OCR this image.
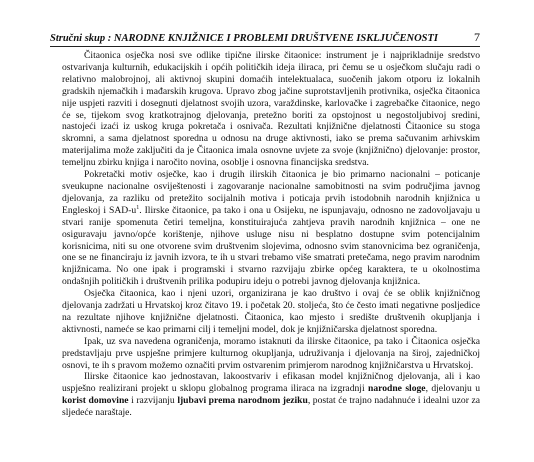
Stručni skup : NARODNE KNJIŽNICE I PROBLEMI DRUŠTVENE ISKLJUČENOSTI	7

Čitaonica osječka nosi sve odlike tipične ilirske čitaonice: instrument je i najprikladnije sredstvo ostvarivanja kulturnih, edukacijskih i općih političkih ideja iliraca, pri čemu se u osječkom slučaju radi o relativno malobrojnoj, ali aktivnoj skupini domaćih intelektualaca, suočenih jakom otporu iz lokalnih gradskih njemačkih i mađarskih krugova. Upravo zbog jačine suprotstavljenih protivnika, osječka čitaonica nije uspjeti razviti i dosegnuti djelatnost svojih uzora, varaždinske, karlovačke i zagrebačke čitaonice, nego će se, tijekom svog kratkotrajnog djelovanja, pretežno boriti za opstojnost u negostoljubivoj sredini, nastojeći izaći iz uskog kruga pokretača i osnivača. Rezultati knjižnične djelatnosti Čitaonice su stoga skromni, a sama djelatnost sporedna u odnosu na druge aktivnosti, iako se prema sačuvanim arhivskim materijalima može zaključiti da je Čitaonica imala osnovne uvjete za svoje (knjižnično) djelovanje: prostor, temeljnu zbirku knjiga i naročito novina, osoblje i osnovna financijska sredstva.

Pokretački motiv osječke, kao i drugih ilirskih čitaonica je bio primarno nacionalni – poticanje sveukupne nacionalne osviještenosti i zagovaranje nacionalne samobitnosti na svim područjima javnog djelovanja, za razliku od pretežito socijalnih motiva i poticaja prvih istodobnih narodnih knjižnica u Engleskoj i SAD-$u^1$. Ilirske čitaonice, pa tako i ona u Osijeku, ne ispunjavaju, odnosno ne zadovoljavaju u stvari ranije spomenuta četiri temeljna, konstituirajuća zahtjeva pravih narodnih knjižnica – one ne osiguravaju javno/opće korištenje, njihove usluge nisu ni besplatno dostupne svim potencijalnim korisnicima, niti su one otvorene svim društvenim slojevima, odnosno svim stanovnicima bez ograničenja, one se ne financiraju iz javnih izvora, te ih u stvari trebamo više smatrati pretečama, nego pravim narodnim knjižnicama. No one ipak i programski i stvarno razvijaju zbirke općeg karaktera, te u okolnostima ondašnjih političkih i društvenih prilika podupiru ideju o potrebi javnog djelovanja knjižnica.

Osječka čitaonica, kao i njeni uzori, organizirana je kao društvo i ovaj će se oblik knjižničnog djelovanja zadržati u Hrvatskoj kroz čitavo 19. i početak 20. stoljeća, što će često imati negativne posljedice na rezultate njihove knjižnične djelatnosti. Čitaonica, kao mjesto i središte društvenih okupljanja i aktivnosti, nameće se kao primarni cilj i temeljni model, dok je knjižničarska djelatnost sporedna.

Ipak, uz sva navedena ograničenja, moramo istaknuti da ilirske čitaonice, pa tako i Čitaonica osječka predstavljaju prve uspješne primjere kulturnog okupljanja, udruživanja i djelovanja na široj, zajedničkoj osnovi, te ih s pravom možemo označiti prvim ostvarenim primjerom narodnog knjižničarstva u Hrvatskoj.

Ilirske čitaonice kao jednostavan, lakoostvariv i efikasan model knjižničnog djelovanja, ali i kao uspješno realizirani projekt u sklopu globalnog programa iliraca na izgradnji narodne sloge, djelovanju u korist domovine i razvijanju ljubavi prema narodnom jeziku, postat će trajno nadahnuće i idealni uzor za sljedeće naraštaje.
